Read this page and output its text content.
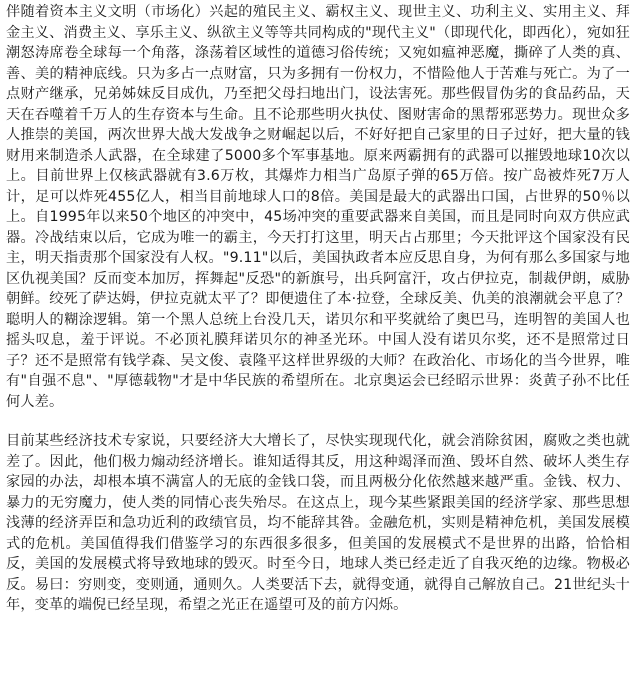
伴随着资本主义文明（市场化）兴起的殖民主义、霸权主义、现世主义、功利主义、实用主义、拜金主义、消费主义、享乐主义、纵欲主义等等共同构成的"现代主义"（即现代化，即西化），宛如狂潮怒涛席卷全球每一个角落，涤荡着区域性的道德习俗传统；又宛如瘟神恶魔，撕碎了人类的真、善、美的精神底线。只为多占一点财富，只为多拥有一份权力，不惜险他人于苦难与死亡。为了一点财产继承，兄弟姊妹反目成仇，乃至把父母扫地出门，设法害死。那些假冒伪劣的食品药品，天天在吞噬着千万人的生存资本与生命。且不论那些明火执仗、图财害命的黑帮邪恶势力。现世众多人推崇的美国，两次世界大战大发战争之财崛起以后，不好好把自己家里的日子过好，把大量的钱财用来制造杀人武器，在全球建了5000多个军事基地。原来两霸拥有的武器可以摧毁地球10次以上。目前世界上仅核武器就有3.6万枚，其爆炸力相当广岛原子弹的65万倍。按广岛被炸死7万人计，足可以炸死455亿人，相当目前地球人口的8倍。美国是最大的武器出口国，占世界的50％以上。自1995年以来50个地区的冲突中，45场冲突的重要武器来自美国，而且是同时向双方供应武器。冷战结束以后，它成为唯一的霸主，今天打打这里，明天占占那里；今天批评这个国家没有民主，明天指责那个国家没有人权。"9.11"以后，美国执政者本应反思自身，为何有那么多国家与地区仇视美国？反而变本加厉，挥舞起"反恐"的新旗号，出兵阿富汗，攻占伊拉克，制裁伊朗，威胁朝鲜。绞死了萨达姆，伊拉克就太平了？即便遗住了本·拉登，全球反美、仇美的浪潮就会平息了？聪明人的糊涂逻辑。第一个黑人总统上台没几天，诺贝尔和平奖就给了奥巴马，连明智的美国人也摇头叹息，羞于评说。不必顶礼膜拜诺贝尔的神圣光环。中国人没有诺贝尔奖，还不是照常过日子？还不是照常有钱学森、吴文俊、袁隆平这样世界级的大师？在政治化、市场化的当今世界，唯有"自强不息"、"厚德载物"才是中华民族的希望所在。北京奥运会已经昭示世界：炎黄子孙不比任何人差。

目前某些经济技术专家说，只要经济大大增长了，尽快实现现代化，就会消除贫困，腐败之类也就差了。因此，他们极力煽动经济增长。谁知适得其反，用这种竭泽而渔、毁坏自然、破坏人类生存家园的办法，却根本填不满富人的无底的金钱口袋，而且两极分化依然越来越严重。金钱、权力、暴力的无穷魔力，使人类的同情心丧失殆尽。在这点上，现今某些紧跟美国的经济学家、那些思想浅薄的经济弄臣和急功近利的政绩官员，均不能辞其咎。金融危机，实则是精神危机，美国发展模式的危机。美国值得我们借鉴学习的东西很多很多，但美国的发展模式不是世界的出路，恰恰相反，美国的发展模式将导致地球的毁灭。时至今日，地球人类已经走近了自我灭绝的边缘。物极必反。易曰：穷则变，变则通，通则久。人类要活下去，就得变通，就得自己解放自己。21世纪头十年，变革的端倪已经呈现，希望之光正在遥望可及的前方闪烁。
